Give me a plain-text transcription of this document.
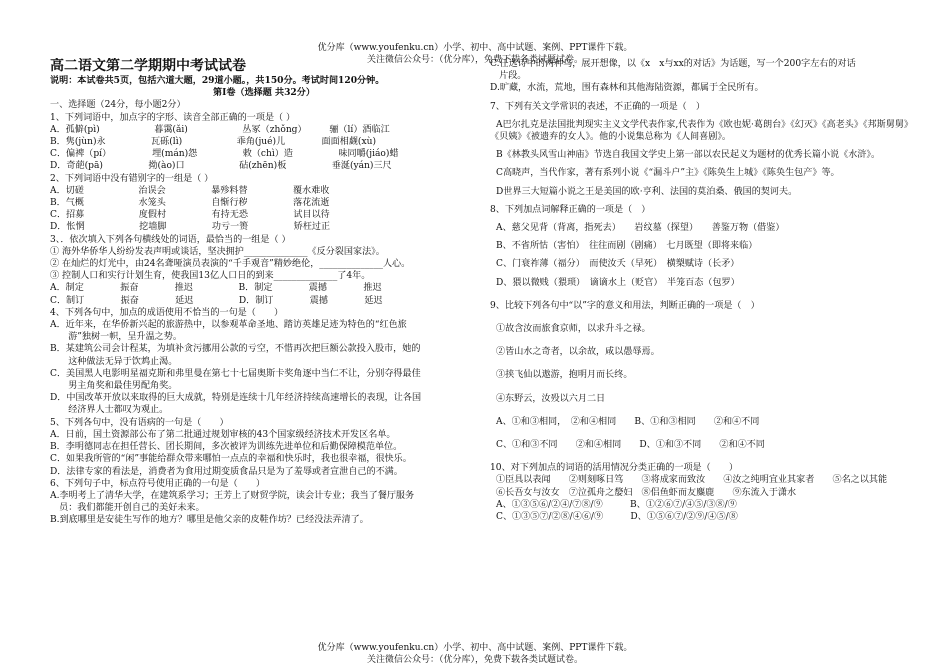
优分库（www.youfenku.cn）小学、初中、高中试题、案例、PPT课件下载。
关注微信公众号：（优分库），免费下载各类试题试卷。
高二语文第二学期期中考试试卷
说明：本试卷共5页，包括六道大题，29道小题。，共150分。考试时间120分钟。
第Ⅰ卷（选择题 共32分）
一、选择题（24分，每小题2分）
1、下列词语中，加点字的字形、读音全部正确的一项是（ ）
A．孤僻(pì)　　　　　　暮霭(ǎi)　　　　　　丛冢（zhǒng）　　　骊（lí）酒临江
B．隽(jùn)永　　　　　瓦砾(lì)　　　　　　乖角(jué)儿　　　　面面相觑(xù)
C．偏裨（pí）　　　　　埋(mán)怨　　　　　敕（chì）造　　　　　味同嚼(jiáo)蜡
D．奇葩(pā)　　　　　拗(ào)口　　　　　　砧(zhēn)板　　　　　垂涎(yán)三尺
2、下列词语中没有错别字的一组是（ ）
A．切磋　　　　　　治误会　　　　　暴殄料替　　　　　覆水难收
B．气概　　　　　　水笼头　　　　　自惭行秽　　　　　落花流逝
C．招募　　　　　　度假村　　　　　有持无恐　　　　　试目以待
D．怅惘　　　　　　挖墙脚　　　　　功亏一篑　　　　　矫枉过正
3、．依次填入下列各句横线处的词语，最恰当的一组是（ ）
① 海外华侨华人纷纷发表声明或谈话，坚决拥护______________《反分裂国家法》。
② 在灿烂的灯光中，由24名聋哑演员表演的“千手观音”精妙绝伦，______________人心。
③ 控制人口和实行计划生育，使我国13亿人口日的到来______________了4年。
A．制定　　　　振奋　　　　推迟　　　　　B．制定　　　　震撼　　　　推迟
C．制订　　　　振奋　　　　延迟　　　　　D．制订　　　　震撼　　　　延迟
4、下列各句中，加点的成语使用不恰当的一句是（　　）
A．近年来，在华侨新兴起的旅游热中，以参观革命圣地、踏访英雄足迹为特色的“红色旅
　　游”独树一帜，呈升温之势。
B．某建筑公司会计程某，为填补贪污挪用公款的亏空，不惜再次把巨额公款投入股市，她的
　　这种做法无异于饮鸩止渴。
C．美国黑人电影明星福克斯和弗里曼在第七十七届奥斯卡奖角逐中当仁不让，分别夺得最佳
　　男主角奖和最佳男配角奖。
D．中国改革开放以来取得的巨大成就，特别是连续十几年经济持续高速增长的表现，让各国
　　经济界人士都叹为观止。
5、下列各句中，没有语病的一句是（　　）
A．日前，国土资源部公布了第二批通过规划审核的43个国家级经济技术开发区名单。
B．李明德同志在担任营长、团长期间，多次被评为训练先进单位和后勤保障模范单位。
C．如果我所管的“闲”事能给群众带来哪怕一点点的幸福和快乐时，我也很幸福，很快乐。
D．法律专家的看法是，消费者为食用过期变质食品只是为了羞辱或者宣泄自己的不满。
6、下列句子中，标点符号使用正确的一句是（　　）
A.李明考上了清华大学，在建筑系学习；王芳上了财贸学院，读会计专业；我当了餐厅服务
　员：我们都能开创自己的美好未来。
B.到底哪里是安徒生写作的地方？哪里是他父亲的皮鞋作坊？已经没法弄清了。
C.任选诗中的两种鸟，展开想像，以《x　x与xx的对话》为话题，写一个200字左右的对话
　片段。
D.旷藏，水流，荒地，围有森林和其他海陆资源，都属于全民所有。
7、下列有关文学常识的表述，不正确的一项是（　）
A巴尔扎克是法国批判现实主义文学代表作家,代表作为《欧也妮·葛朗台》《幻灭》《高老头》《邦斯舅舅》《贝姨》《被遗弃的女人》。他的小说集总称为《人间喜剧》。
B《林教头风雪山神庙》节选自我国文学史上第一部以农民起义为题材的优秀长篇小说《水浒》。
C高晓声，当代作家，著有系列小说《“漏斗户”主》《陈奂生上城》《陈奂生包产》等。
D世界三大短篇小说之王是美国的欧·亨利、法国的莫泊桑、俄国的契诃夫。
8、下列加点词解释正确的一项是（　）
A、慈父见背（背离，指死去）　　岩纹墓（探望）　　善鉴万物（借鉴）
B、不省所怙（害怕）　往往而剧（剧痛）　七月既望（即将来临）
C、门衰祚薄（福分）　而使汝夭（早死）　横槊赋诗（长矛）
D、猥以微贱（猥琐）　谪谪水上（贬官）　半笼百态（包罗）
9、比较下列各句中“以”字的意义和用法，判断正确的一项是（　）
①故含汝而旅食京师，以求升斗之禄。
②皆山水之奇者，以余故，咸以愚辱焉。
③挟飞仙以遨游，抱明月而长终。
④东野云，汝殁以六月二日
A、①和③相同，　②和④相同　　B、①和③相同　　②和④不同
C、①和③不同　　②和④相同　　D、①和③不同　　②和④不同
10、对下列加点的词语的活用情况分类正确的一项是（　　）
①臣具以表闻　　②则刻啄日笃　　③将成家而致汝　　④汝之纯明宜业其家者　　⑤名之以其能
⑥长吾女与汝女　⑦泣孤舟之嫠妇　⑧侣鱼虾而友麋鹿　　⑨东流入于潇水
A、①③⑤⑥/②④/⑦⑧/⑨　　　B、①②⑥⑦/④⑤/③⑧/⑨
C、①③⑤⑦/②⑧/④⑥/⑨　　　D、①⑤⑥⑦/②⑨/④⑤/⑧
优分库（www.youfenku.cn）小学、初中、高中试题、案例、PPT课件下载。
关注微信公众号：（优分库），免费下载各类试题试卷。
